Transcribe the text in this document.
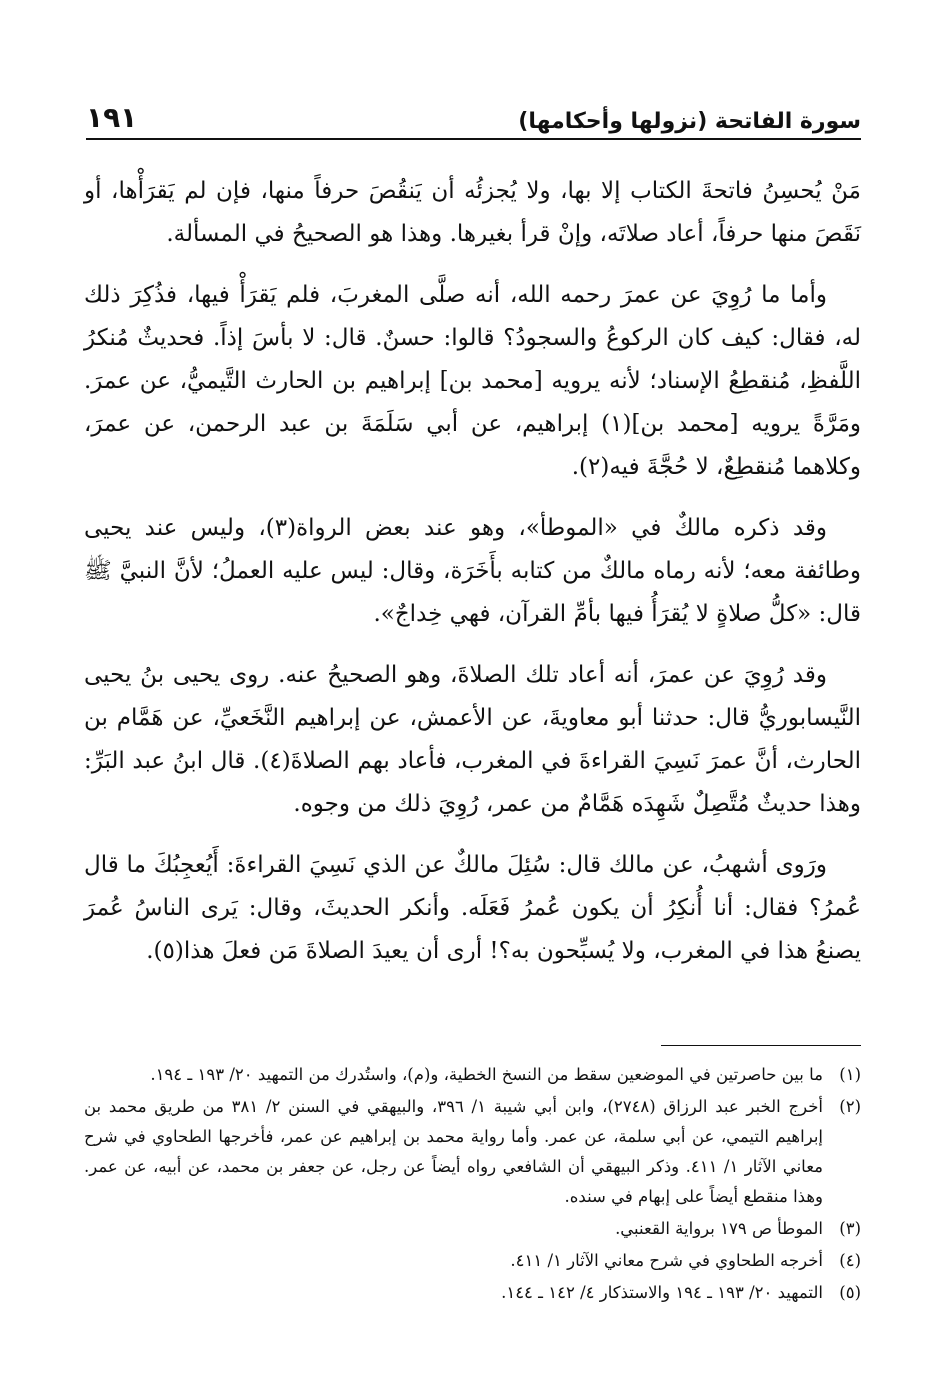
سورة الفاتحة (نزولها وأحكامها)
١٩١

مَنْ يُحسِنُ فاتحةَ الكتاب إلا بها، ولا يُجزئُه أن يَنقُصَ حرفاً منها، فإن لم يَقرَأْها، أو نَقَصَ منها حرفاً، أعاد صلاتَه، وإنْ قرأ بغيرها. وهذا هو الصحيحُ في المسألة.

وأما ما رُوِيَ عن عمرَ رحمه الله، أنه صلَّى المغربَ، فلم يَقرَأْ فيها، فذُكِرَ ذلك له، فقال: كيف كان الركوعُ والسجودُ؟ قالوا: حسنٌ. قال: لا بأسَ إذاً. فحديثٌ مُنكرُ اللَّفظِ، مُنقطِعُ الإسناد؛ لأنه يرويه [محمد بن] إبراهيم بن الحارث التَّيميُّ، عن عمرَ. ومَرَّةً يرويه [محمد بن](١) إبراهيم، عن أبي سَلَمَةَ بن عبد الرحمن، عن عمرَ، وكلاهما مُنقطِعٌ، لا حُجَّةَ فيه(٢).

وقد ذكره مالكٌ في «الموطأ»، وهو عند بعض الرواة(٣)، وليس عند يحيى وطائفة معه؛ لأنه رماه مالكٌ من كتابه بأَخَرَة، وقال: ليس عليه العملُ؛ لأنَّ النبيَّ ﷺ قال: «كلُّ صلاةٍ لا يُقرَأُ فيها بأمِّ القرآن، فهي خِداجٌ».

وقد رُوِيَ عن عمرَ، أنه أعاد تلك الصلاةَ، وهو الصحيحُ عنه. روى يحيى بنُ يحيى النَّيسابوريُّ قال: حدثنا أبو معاويةَ، عن الأعمش، عن إبراهيم النَّخَعيِّ، عن هَمَّام بن الحارث، أنَّ عمرَ نَسِيَ القراءةَ في المغرب، فأعاد بهم الصلاةَ(٤). قال ابنُ عبد البَرِّ: وهذا حديثٌ مُتَّصِلٌ شَهِدَه هَمَّامٌ من عمر، رُوِيَ ذلك من وجوه.

ورَوى أشهبُ، عن مالك قال: سُئِلَ مالكٌ عن الذي نَسِيَ القراءةَ: أَيُعجِبُكَ ما قال عُمرُ؟ فقال: أنا أُنكِرُ أن يكون عُمرُ فَعَلَه. وأنكر الحديثَ، وقال: يَرى الناسُ عُمرَ يصنعُ هذا في المغرب، ولا يُسبِّحون به؟! أرى أن يعيدَ الصلاةَ مَن فعلَ هذا(٥).

(١)
ما بين حاصرتين في الموضعين سقط من النسخ الخطية، و(م)، واستُدرك من التمهيد ٢٠/ ١٩٣ ـ ١٩٤.
(٢)
أخرج الخبر عبد الرزاق (٢٧٤٨)، وابن أبي شيبة ١/ ٣٩٦، والبيهقي في السنن ٢/ ٣٨١ من طريق محمد بن إبراهيم التيمي، عن أبي سلمة، عن عمر. وأما رواية محمد بن إبراهيم عن عمر، فأخرجها الطحاوي في شرح معاني الآثار ١/ ٤١١. وذكر البيهقي أن الشافعي رواه أيضاً عن رجل، عن جعفر بن محمد، عن أبيه، عن عمر. وهذا منقطع أيضاً على إبهام في سنده.
(٣)
الموطأ ص ١٧٩ برواية القعنبي.
(٤)
أخرجه الطحاوي في شرح معاني الآثار ١/ ٤١١.
(٥)
التمهيد ٢٠/ ١٩٣ ـ ١٩٤ والاستذكار ٤/ ١٤٢ ـ ١٤٤.
